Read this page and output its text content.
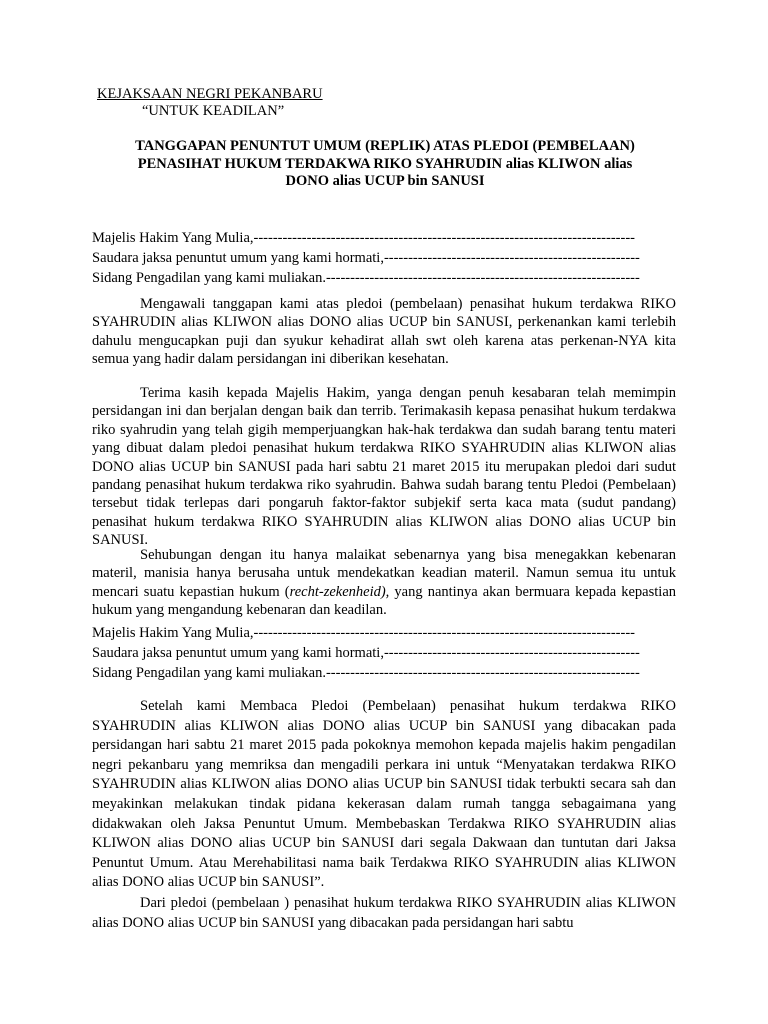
KEJAKSAAN NEGRI PEKANBARU
“UNTUK KEADILAN”
TANGGAPAN PENUNTUT UMUM (REPLIK) ATAS PLEDOI (PEMBELAAN)
PENASIHAT HUKUM TERDAKWA RIKO SYAHRUDIN alias KLIWON alias
DONO alias UCUP bin SANUSI
Majelis Hakim Yang Mulia,-------------------------------------------------------------------------------
Saudara jaksa penuntut umum yang kami hormati,-----------------------------------------------------
Sidang Pengadilan yang kami muliakan.-----------------------------------------------------------------

Mengawali tanggapan kami atas pledoi (pembelaan) penasihat hukum terdakwa RIKO SYAHRUDIN alias KLIWON alias DONO alias UCUP bin SANUSI, perkenankan kami terlebih dahulu mengucapkan puji dan syukur kehadirat allah swt oleh karena atas perkenan-NYA kita semua yang hadir dalam persidangan ini diberikan kesehatan.

Terima kasih kepada Majelis Hakim, yanga dengan penuh kesabaran telah memimpin persidangan ini dan berjalan dengan baik dan terrib. Terimakasih kepasa penasihat hukum terdakwa riko syahrudin yang telah gigih memperjuangkan hak-hak terdakwa dan sudah barang tentu materi yang dibuat dalam pledoi penasihat hukum terdakwa RIKO SYAHRUDIN alias KLIWON alias DONO alias UCUP bin SANUSI pada hari sabtu 21 maret 2015 itu merupakan pledoi dari sudut pandang penasihat hukum terdakwa riko syahrudin. Bahwa sudah barang tentu Pledoi (Pembelaan) tersebut tidak terlepas dari pongaruh faktor-faktor subjekif serta kaca mata (sudut pandang) penasihat hukum terdakwa RIKO SYAHRUDIN alias KLIWON alias DONO alias UCUP bin SANUSI.

Sehubungan dengan itu hanya malaikat sebenarnya yang bisa menegakkan kebenaran materil, manisia hanya berusaha untuk mendekatkan keadian materil. Namun semua itu untuk mencari suatu kepastian hukum (recht-zekenheid), yang nantinya akan bermuara kepada kepastian hukum yang mengandung kebenaran dan keadilan.

Majelis Hakim Yang Mulia,-------------------------------------------------------------------------------
Saudara jaksa penuntut umum yang kami hormati,-----------------------------------------------------
Sidang Pengadilan yang kami muliakan.-----------------------------------------------------------------

Setelah kami Membaca Pledoi (Pembelaan) penasihat hukum terdakwa RIKO SYAHRUDIN alias KLIWON alias DONO alias UCUP bin SANUSI yang dibacakan pada persidangan hari sabtu 21 maret 2015 pada pokoknya memohon kepada majelis hakim pengadilan negri pekanbaru yang memriksa dan mengadili perkara ini untuk “Menyatakan terdakwa RIKO SYAHRUDIN alias KLIWON alias DONO alias UCUP bin SANUSI tidak terbukti secara sah dan meyakinkan melakukan tindak pidana kekerasan dalam rumah tangga sebagaimana yang didakwakan oleh Jaksa Penuntut Umum. Membebaskan Terdakwa RIKO SYAHRUDIN alias KLIWON alias DONO alias UCUP bin SANUSI dari segala Dakwaan dan tuntutan dari Jaksa Penuntut Umum. Atau Merehabilitasi nama baik Terdakwa RIKO SYAHRUDIN alias KLIWON alias DONO alias UCUP bin SANUSI”.

Dari pledoi (pembelaan ) penasihat hukum terdakwa RIKO SYAHRUDIN alias KLIWON alias DONO alias UCUP bin SANUSI yang dibacakan pada persidangan hari sabtu
